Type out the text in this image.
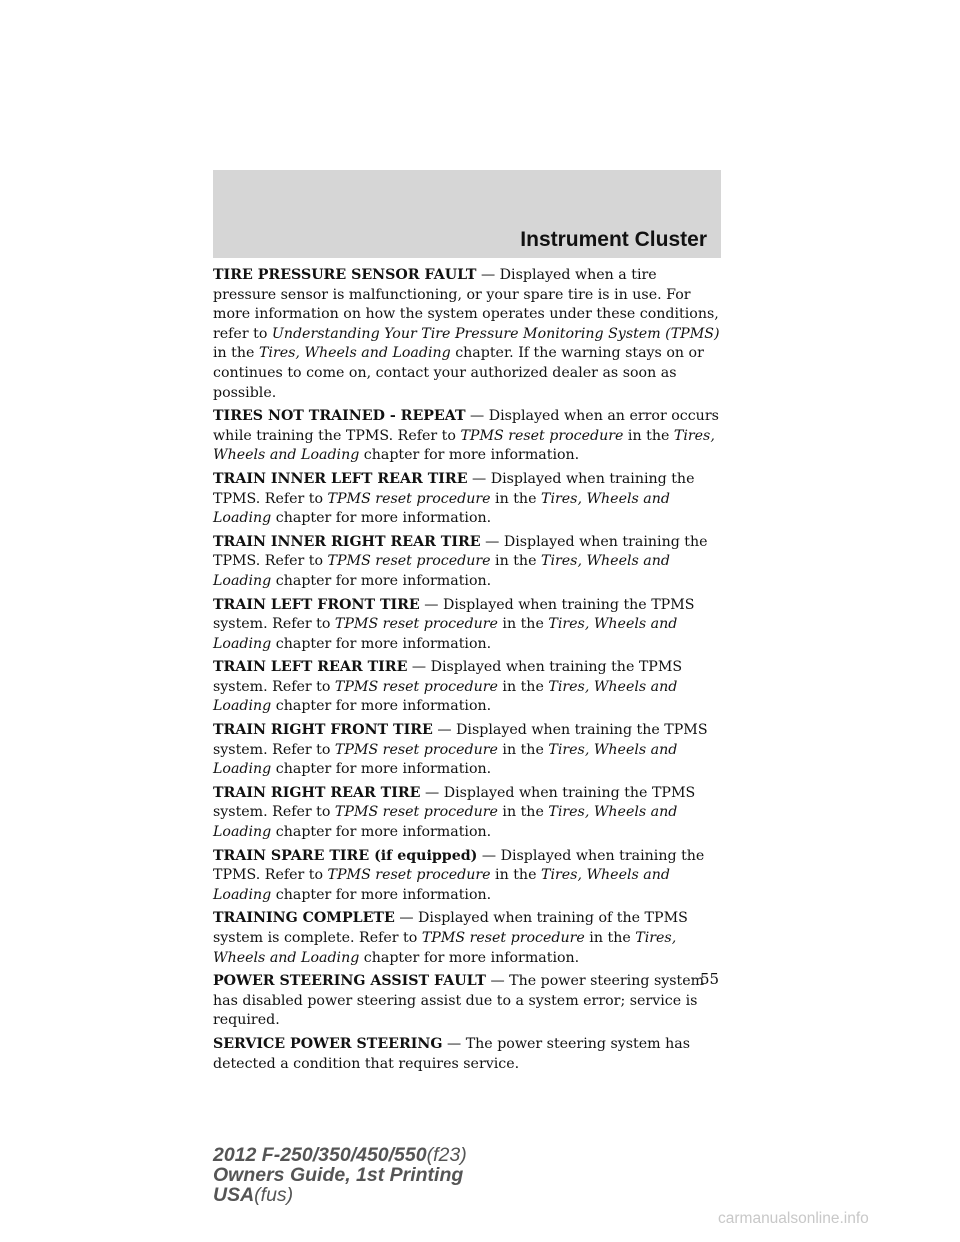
Instrument Cluster

TIRE PRESSURE SENSOR FAULT — Displayed when a tire pressure sensor is malfunctioning, or your spare tire is in use. For more information on how the system operates under these conditions, refer to Understanding Your Tire Pressure Monitoring System (TPMS) in the Tires, Wheels and Loading chapter. If the warning stays on or continues to come on, contact your authorized dealer as soon as possible.

TIRES NOT TRAINED - REPEAT — Displayed when an error occurs while training the TPMS. Refer to TPMS reset procedure in the Tires, Wheels and Loading chapter for more information.

TRAIN INNER LEFT REAR TIRE — Displayed when training the TPMS. Refer to TPMS reset procedure in the Tires, Wheels and Loading chapter for more information.

TRAIN INNER RIGHT REAR TIRE — Displayed when training the TPMS. Refer to TPMS reset procedure in the Tires, Wheels and Loading chapter for more information.

TRAIN LEFT FRONT TIRE — Displayed when training the TPMS system. Refer to TPMS reset procedure in the Tires, Wheels and Loading chapter for more information.

TRAIN LEFT REAR TIRE — Displayed when training the TPMS system. Refer to TPMS reset procedure in the Tires, Wheels and Loading chapter for more information.

TRAIN RIGHT FRONT TIRE — Displayed when training the TPMS system. Refer to TPMS reset procedure in the Tires, Wheels and Loading chapter for more information.

TRAIN RIGHT REAR TIRE — Displayed when training the TPMS system. Refer to TPMS reset procedure in the Tires, Wheels and Loading chapter for more information.

TRAIN SPARE TIRE (if equipped) — Displayed when training the TPMS. Refer to TPMS reset procedure in the Tires, Wheels and Loading chapter for more information.

TRAINING COMPLETE — Displayed when training of the TPMS system is complete. Refer to TPMS reset procedure in the Tires, Wheels and Loading chapter for more information.

POWER STEERING ASSIST FAULT — The power steering system has disabled power steering assist due to a system error; service is required.

SERVICE POWER STEERING — The power steering system has detected a condition that requires service.

55
2012 F-250/350/450/550(f23)
Owners Guide, 1st Printing
USA(fus)
carmanualsonline.info
